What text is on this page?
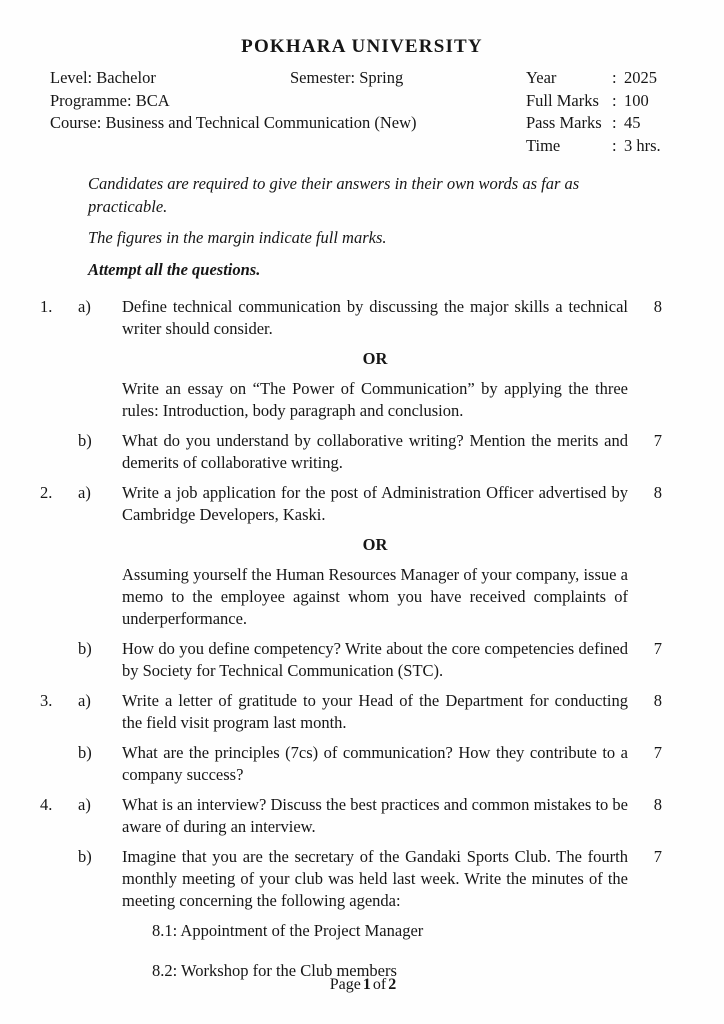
POKHARA UNIVERSITY
Level: Bachelor	Semester: Spring
Programme: BCA
Course: Business and Technical Communication (New)
Year	: 2025
Full Marks : 100
Pass Marks : 45
Time	: 3 hrs.
Candidates are required to give their answers in their own words as far as practicable.
The figures in the margin indicate full marks.
Attempt all the questions.
1.	a)	Define technical communication by discussing the major skills a technical writer should consider.
8
OR
Write an essay on “The Power of Communication” by applying the three rules: Introduction, body paragraph and conclusion.
b)	What do you understand by collaborative writing? Mention the merits and demerits of collaborative writing.
7
2.	a)	Write a job application for the post of Administration Officer advertised by Cambridge Developers, Kaski.
8
OR
Assuming yourself the Human Resources Manager of your company, issue a memo to the employee against whom you have received complaints of underperformance.
b)	How do you define competency? Write about the core competencies defined by Society for Technical Communication (STC).
7
3.	a)	Write a letter of gratitude to your Head of the Department for conducting the field visit program last month.
8
b)	What are the principles (7cs) of communication? How they contribute to a company success?
7
4.	a)	What is an interview? Discuss the best practices and common mistakes to be aware of during an interview.
8
b)	Imagine that you are the secretary of the Gandaki Sports Club. The fourth monthly meeting of your club was held last week. Write the minutes of the meeting concerning the following agenda:
7
8.1: Appointment of the Project Manager
8.2: Workshop for the Club members
Page 1 of 2
